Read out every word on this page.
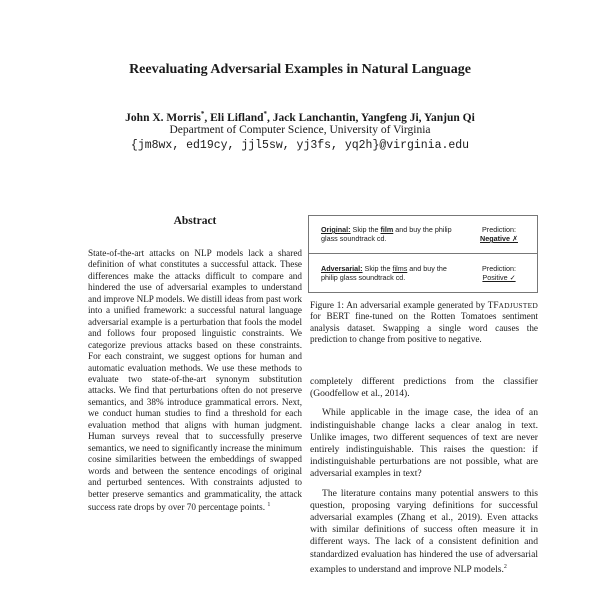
Reevaluating Adversarial Examples in Natural Language
John X. Morris*, Eli Lifland*, Jack Lanchantin, Yangfeng Ji, Yanjun Qi
Department of Computer Science, University of Virginia
{jm8wx, ed19cy, jjl5sw, yj3fs, yq2h}@virginia.edu
Abstract
State-of-the-art attacks on NLP models lack a shared definition of what constitutes a successful attack. These differences make the attacks difficult to compare and hindered the use of adversarial examples to understand and improve NLP models. We distill ideas from past work into a unified framework: a successful natural language adversarial example is a perturbation that fools the model and follows four proposed linguistic constraints. We categorize previous attacks based on these constraints. For each constraint, we suggest options for human and automatic evaluation methods. We use these methods to evaluate two state-of-the-art synonym substitution attacks. We find that perturbations often do not preserve semantics, and 38% introduce grammatical errors. Next, we conduct human studies to find a threshold for each evaluation method that aligns with human judgment. Human surveys reveal that to successfully preserve semantics, we need to significantly increase the minimum cosine similarities between the embeddings of swapped words and between the sentence encodings of original and perturbed sentences. With constraints adjusted to better preserve semantics and grammaticality, the attack success rate drops by over 70 percentage points. $^1$
Original: Skip the film and buy the philip glass soundtrack cd.
Prediction:
Negative ✗
Adversarial: Skip the films and buy the philip glass soundtrack cd.
Prediction:
Positive ✓
Figure 1: An adversarial example generated by TFADJUSTED for BERT fine-tuned on the Rotten Tomatoes sentiment analysis dataset. Swapping a single word causes the prediction to change from positive to negative.

completely different predictions from the classifier (Goodfellow et al., 2014).

While applicable in the image case, the idea of an indistinguishable change lacks a clear analog in text. Unlike images, two different sequences of text are never entirely indistinguishable. This raises the question: if indistinguishable perturbations are not possible, what are adversarial examples in text?

The literature contains many potential answers to this question, proposing varying definitions for successful adversarial examples (Zhang et al., 2019). Even attacks with similar definitions of success often measure it in different ways. The lack of a consistent definition and standardized evaluation has hindered the use of adversarial examples to understand and improve NLP models.$^2$
